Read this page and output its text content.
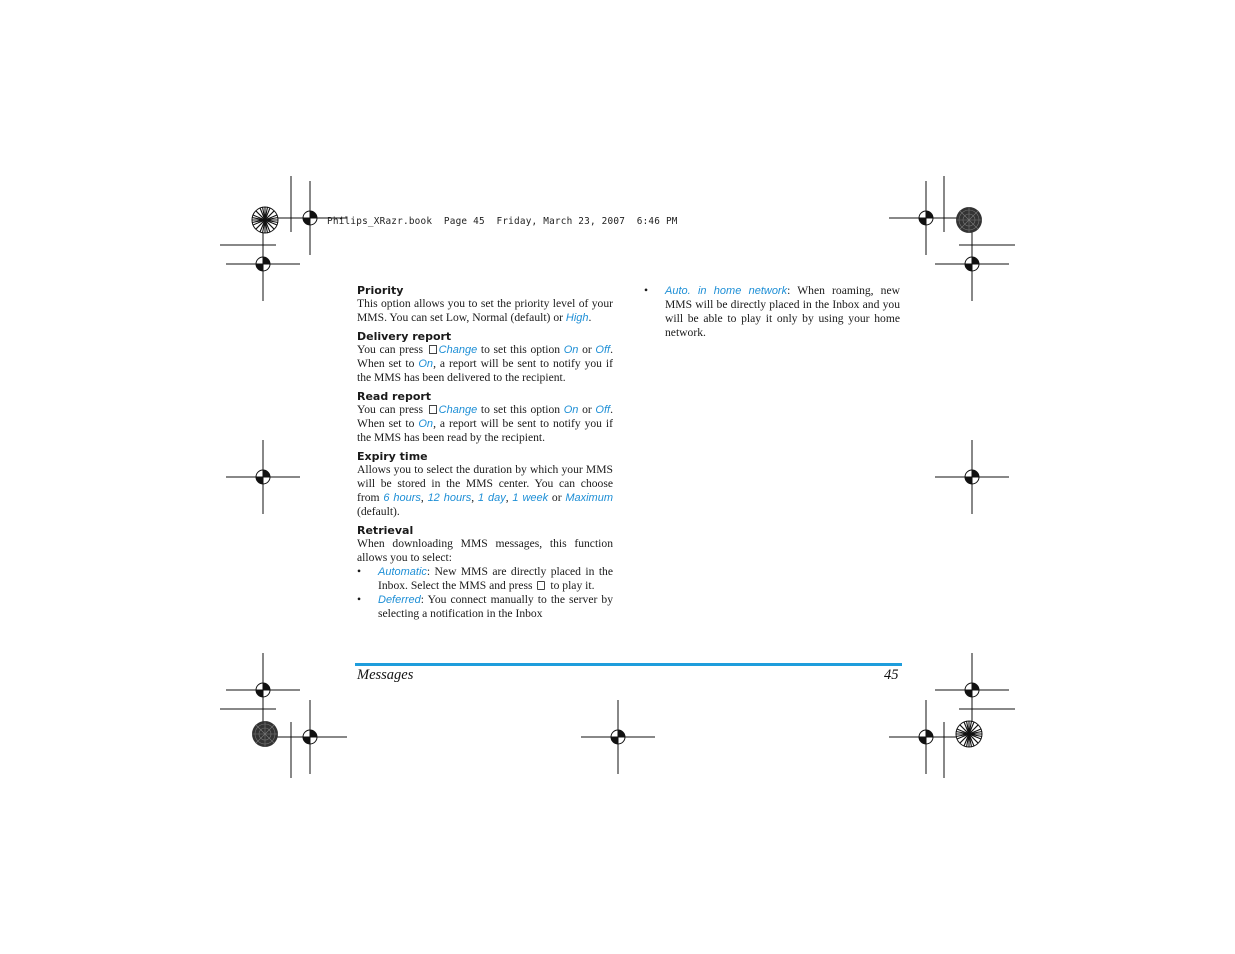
Philips_XRazr.book  Page 45  Friday, March 23, 2007  6:46 PM
Priority

This option allows you to set the priority level of your MMS. You can set Low, Normal (default) or High.

Delivery report

You can press Change to set this option On or Off. When set to On, a report will be sent to notify you if the MMS has been delivered to the recipient.

Read report

You can press Change to set this option On or Off. When set to On, a report will be sent to notify you if the MMS has been read by the recipient.

Expiry time

Allows you to select the duration by which your MMS will be stored in the MMS center. You can choose from 6 hours, 12 hours, 1 day, 1 week or Maximum (default).

Retrieval

When downloading MMS messages, this function allows you to select:

• Automatic: New MMS are directly placed in the Inbox. Select the MMS and press  to play it.
• Deferred: You connect manually to the server by selecting a notification in the Inbox
• Auto. in home network: When roaming, new MMS will be directly placed in the Inbox and you will be able to play it only by using your home network.
Messages	45
